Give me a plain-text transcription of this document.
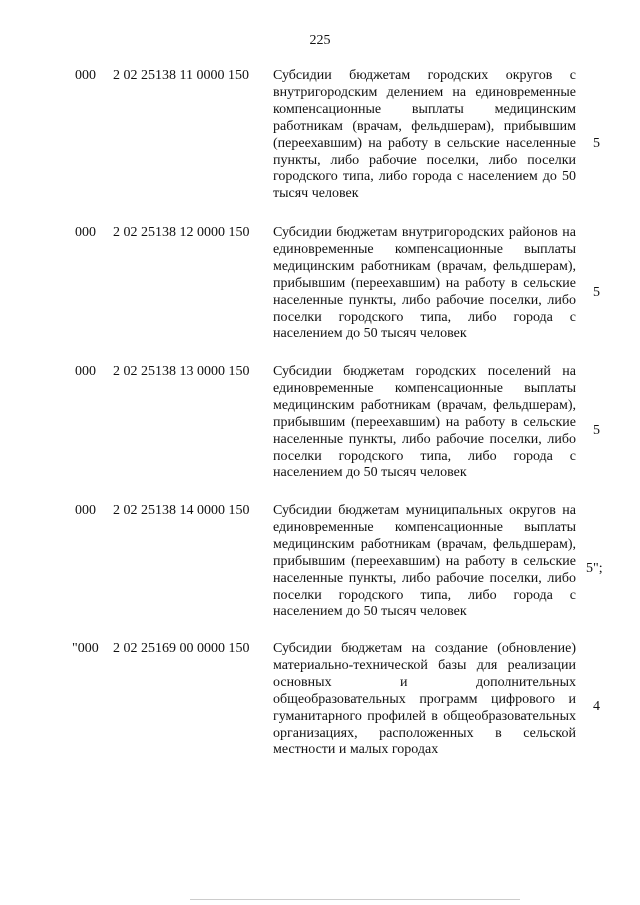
225
000 2 02 25138 11 0000 150 Субсидии бюджетам городских округов с внутригородским делением на единовременные компенсационные выплаты медицинским работникам (врачам, фельдшерам), прибывшим (переехавшим) на работу в сельские населенные пункты, либо рабочие поселки, либо поселки городского типа, либо города с населением до 50 тысяч человек
5
000 2 02 25138 12 0000 150 Субсидии бюджетам внутригородских районов на единовременные компенсационные выплаты медицинским работникам (врачам, фельдшерам), прибывшим (переехавшим) на работу в сельские населенные пункты, либо рабочие поселки, либо поселки городского типа, либо города с населением до 50 тысяч человек
5
000 2 02 25138 13 0000 150 Субсидии бюджетам городских поселений на единовременные компенсационные выплаты медицинским работникам (врачам, фельдшерам), прибывшим (переехавшим) на работу в сельские населенные пункты, либо рабочие поселки, либо поселки городского типа, либо города с населением до 50 тысяч человек
5
000 2 02 25138 14 0000 150 Субсидии бюджетам муниципальных округов на единовременные компенсационные выплаты медицинским работникам (врачам, фельдшерам), прибывшим (переехавшим) на работу в сельские населенные пункты, либо рабочие поселки, либо поселки городского типа, либо города с населением до 50 тысяч человек
5";
"000 2 02 25169 00 0000 150 Субсидии бюджетам на создание (обновление) материально-технической базы для реализации основных и дополнительных общеобразовательных программ цифрового и гуманитарного профилей в общеобразовательных организациях, расположенных в сельской местности и малых городах
4
